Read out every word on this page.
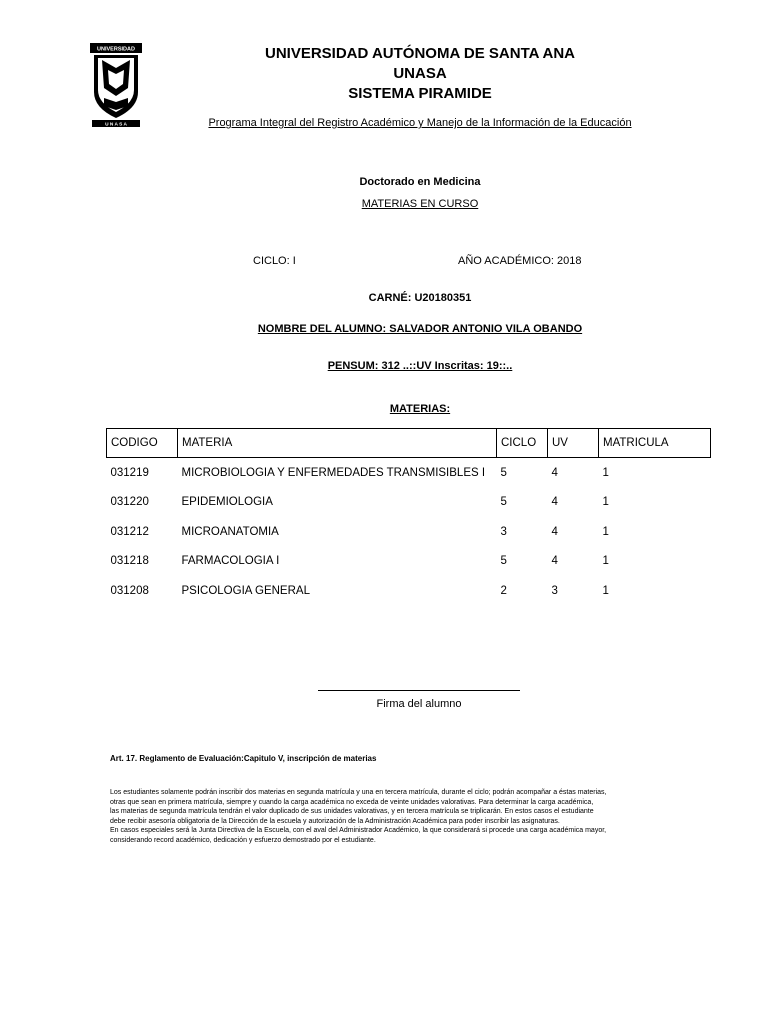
UNIVERSIDAD
U N A S A
UNIVERSIDAD AUTÓNOMA DE SANTA ANA
UNASA
SISTEMA PIRAMIDE
Programa Integral del Registro Académico y Manejo de la Información de la Educación
Doctorado en Medicina
MATERIAS EN CURSO
CICLO: I	AÑO ACADÉMICO: 2018
CARNÉ: U20180351
NOMBRE DEL ALUMNO: SALVADOR ANTONIO VILA OBANDO
PENSUM: 312 ..::UV Inscritas: 19::..
MATERIAS:
CODIGO	MATERIA	CICLO	UV	MATRICULA
031219	MICROBIOLOGIA Y ENFERMEDADES TRANSMISIBLES I	5	4	1
031220	EPIDEMIOLOGIA	5	4	1
031212	MICROANATOMIA	3	4	1
031218	FARMACOLOGIA I	5	4	1
031208	PSICOLOGIA GENERAL	2	3	1
Firma del alumno
Art. 17. Reglamento de Evaluación:Capitulo V, inscripción de materias
Los estudiantes solamente podrán inscribir dos materias en segunda matrícula y una en tercera matrícula, durante el ciclo; podrán acompañar a éstas materias,
otras que sean en primera matrícula, siempre y cuando la carga académica no exceda de veinte unidades valorativas. Para determinar la carga académica,
las materias de segunda matrícula tendrán el valor duplicado de sus unidades valorativas, y en tercera matrícula se triplicarán. En estos casos el estudiante
debe recibir asesoría obligatoria de la Dirección de la escuela y autorización de la Administración Académica para poder inscribir las asignaturas.
En casos especiales será la Junta Directiva de la Escuela, con el aval del Administrador Académico, la que considerará si procede una carga académica mayor,
considerando record académico, dedicación y esfuerzo demostrado por el estudiante.
